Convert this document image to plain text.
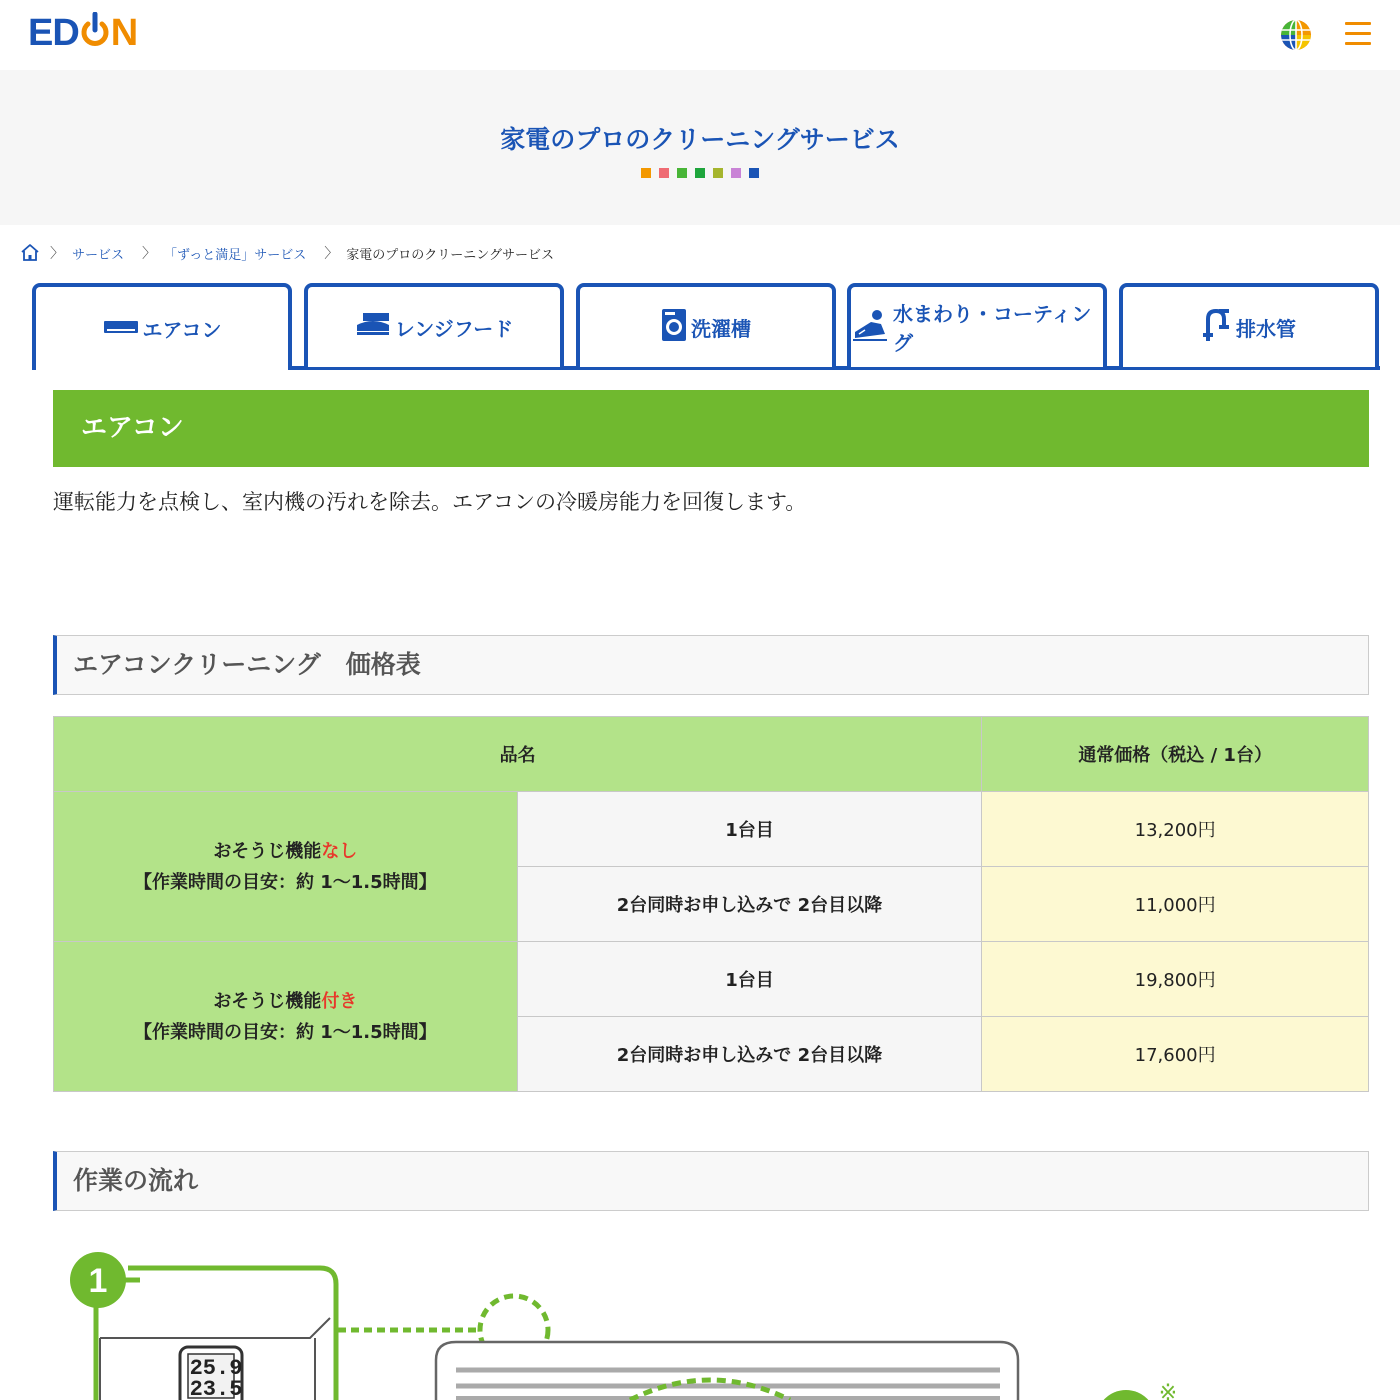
ED N
家電のプロのクリーニングサービス
〉 サービス 〉 「ずっと満足」サービス 〉 家電のプロのクリーニングサービス
エアコン	レンジフード	洗濯槽
水まわり・コーティング
排水管
エアコン
運転能力を点検し、室内機の汚れを除去。エアコンの冷暖房能力を回復します。
エアコンクリーニング　価格表
品名		通常価格（税込 / 1台）
おそうじ機能なし
【作業時間の目安：約 1〜1.5時間】	1台目	13,200円
	2台同時お申し込みで 2台目以降	11,000円
おそうじ機能付き
【作業時間の目安：約 1〜1.5時間】	1台目	19,800円
	2台同時お申し込みで 2台目以降	17,600円
作業の流れ
1
25.9
23.5	※
